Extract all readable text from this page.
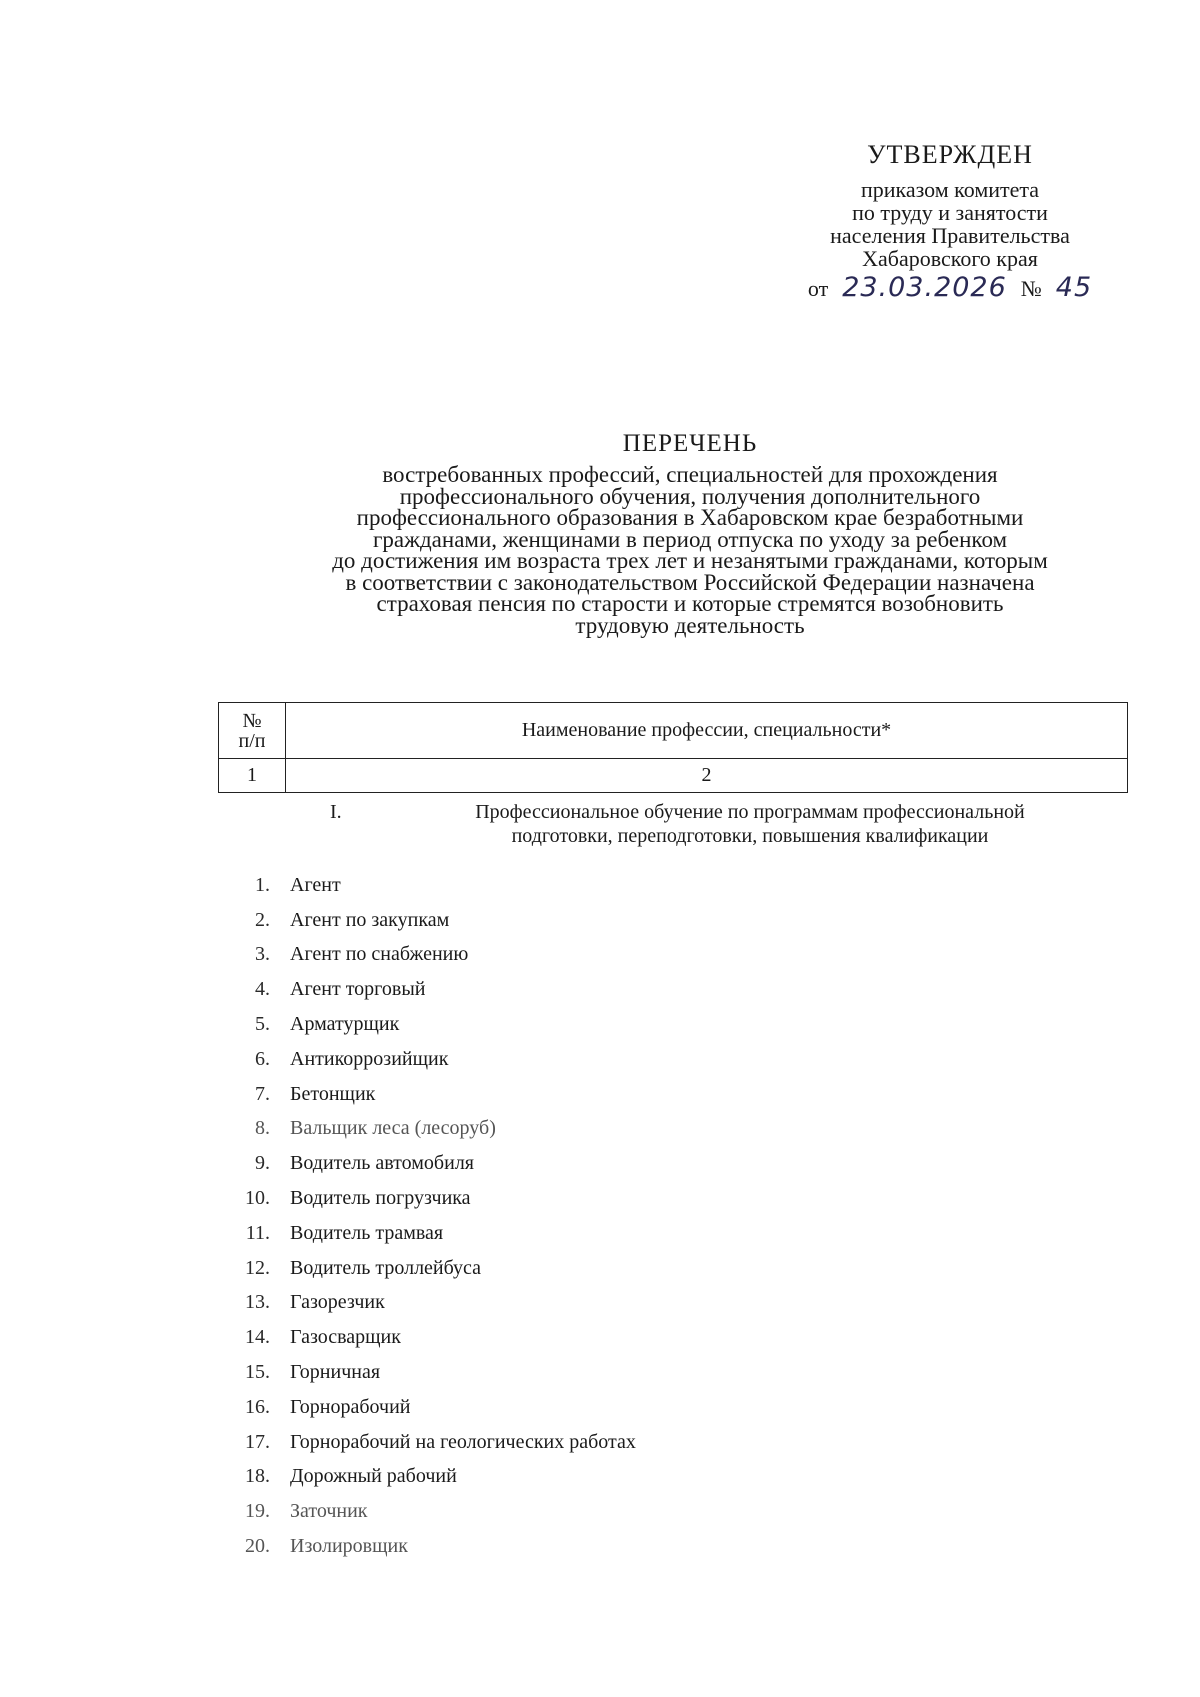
УТВЕРЖДЕН
приказом комитета
по труду и занятости
населения Правительства
Хабаровского края
от 23.03.2026 № 45
ПЕРЕЧЕНЬ
востребованных профессий, специальностей для прохождения
профессионального обучения, получения дополнительного
профессионального образования в Хабаровском крае безработными
гражданами, женщинами в период отпуска по уходу за ребенком
до достижения им возраста трех лет и незанятыми гражданами, которым
в соответствии с законодательством Российской Федерации назначена
страховая пенсия по старости и которые стремятся возобновить
трудовую деятельность
№
п/п	Наименование профессии, специальности*
1	2
I.	Профессиональное обучение по программам профессиональной
подготовки, переподготовки, повышения квалификации
1. Агент
2. Агент по закупкам
3. Агент по снабжению
4. Агент торговый
5. Арматурщик
6. Антикоррозийщик
7. Бетонщик
8. Вальщик леса (лесоруб)
9. Водитель автомобиля
10. Водитель погрузчика
11. Водитель трамвая
12. Водитель троллейбуса
13. Газорезчик
14. Газосварщик
15. Горничная
16. Горнорабочий
17. Горнорабочий на геологических работах
18. Дорожный рабочий
19. Заточник
20. Изолировщик
